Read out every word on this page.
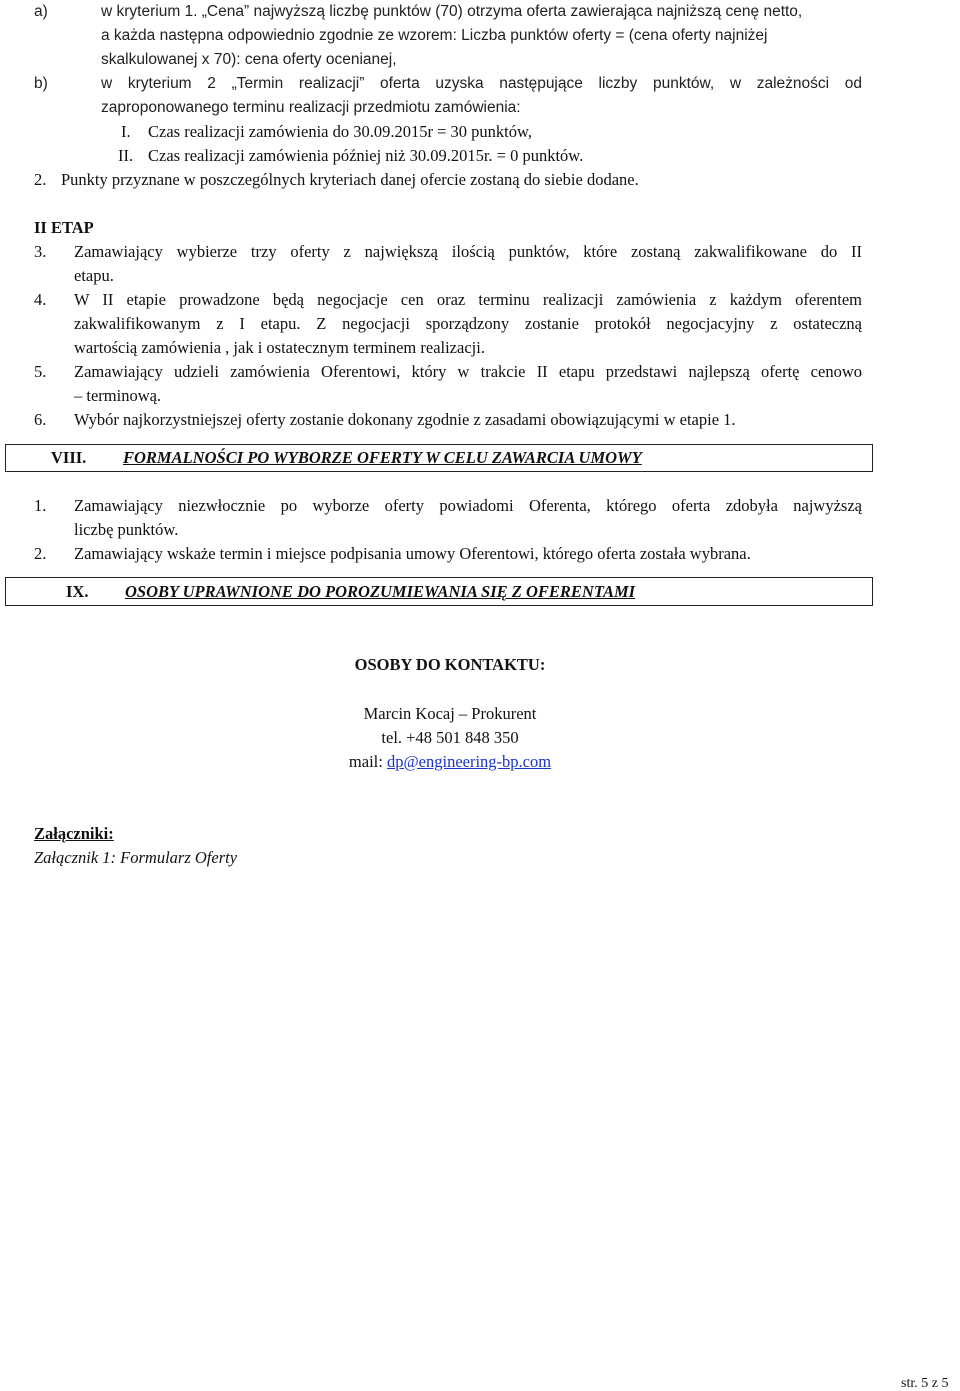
a)	w kryterium 1. „Cena” najwyższą liczbę punktów (70) otrzyma oferta zawierająca najniższą cenę netto,
a każda następna odpowiednio zgodnie ze wzorem: Liczba punktów oferty = (cena oferty najniżej
skalkulowanej x 70): cena oferty ocenianej,
b)	w kryterium 2 „Termin realizacji” oferta uzyska następujące liczby punktów, w zależności od
zaproponowanego terminu realizacji przedmiotu zamówienia:
I. Czas realizacji zamówienia do 30.09.2015r = 30 punktów,
II. Czas realizacji zamówienia później niż 30.09.2015r. = 0 punktów.
2. Punkty przyznane w poszczególnych kryteriach danej ofercie zostaną do siebie dodane.
II ETAP
3. Zamawiający wybierze trzy oferty z największą ilością punktów, które zostaną zakwalifikowane do II
etapu.
4. W II etapie prowadzone będą negocjacje cen oraz terminu realizacji zamówienia z każdym oferentem
zakwalifikowanym z I etapu. Z negocjacji sporządzony zostanie protokół negocjacyjny z ostateczną
wartością zamówienia , jak i ostatecznym terminem realizacji.
5. Zamawiający udzieli zamówienia Oferentowi, który w trakcie II etapu przedstawi najlepszą ofertę cenowo
– terminową.
6. Wybór najkorzystniejszej oferty zostanie dokonany zgodnie z zasadami obowiązującymi w etapie 1.
VIII. FORMALNOŚCI PO WYBORZE OFERTY W CELU ZAWARCIA UMOWY
1. Zamawiający niezwłocznie po wyborze oferty powiadomi Oferenta, którego oferta zdobyła najwyższą
liczbę punktów.
2. Zamawiający wskaże termin i miejsce podpisania umowy Oferentowi, którego oferta została wybrana.
IX. OSOBY UPRAWNIONE DO POROZUMIEWANIA SIĘ Z OFERENTAMI
OSOBY DO KONTAKTU:
Marcin Kocaj – Prokurent
tel. +48 501 848 350
mail: dp@engineering-bp.com
Załączniki:
Załącznik 1: Formularz Oferty
str. 5 z 5
